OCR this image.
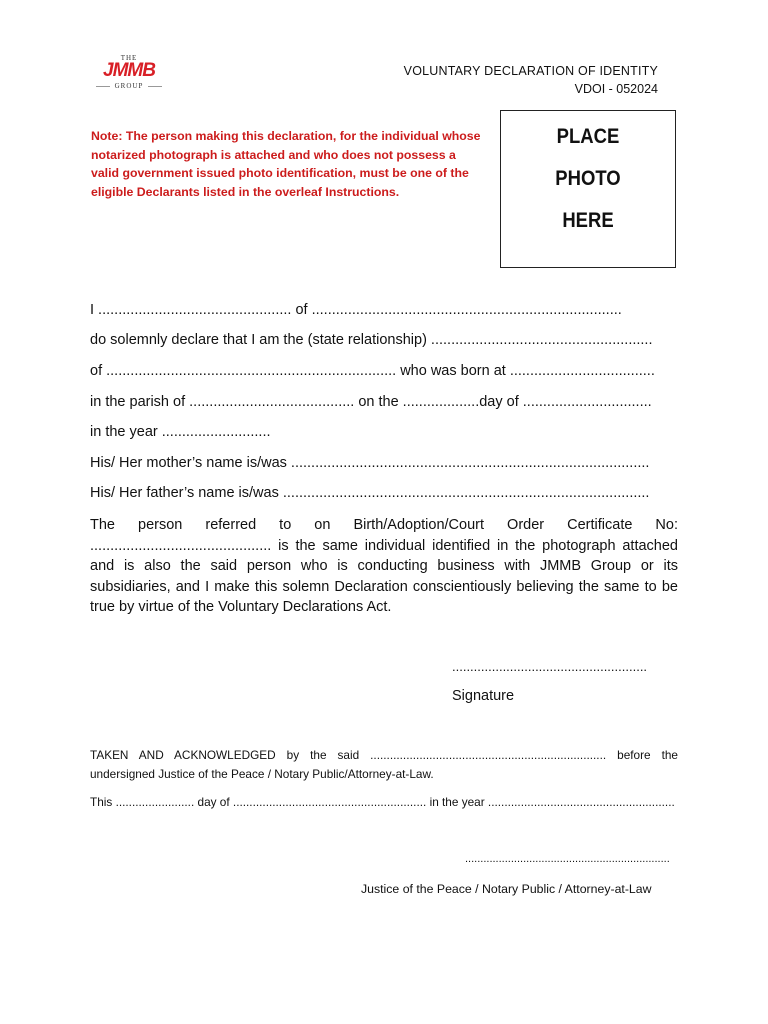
THE
JMMB
GROUP
VOLUNTARY DECLARATION OF IDENTITY
VDOI - 052024
Note: The person making this declaration, for the individual whose notarized photograph is attached and who does not possess a valid government issued photo identification, must be one of the eligible Declarants listed in the overleaf Instructions.
PLACE
PHOTO
HERE
I ................................................ of .............................................................................
do solemnly declare that I am the (state relationship) .......................................................
of ........................................................................ who was born at ....................................
in the parish of ......................................... on the ...................day of ................................
in the year ...........................
His/ Her mother’s name is/was .........................................................................................
His/ Her father’s name is/was ...........................................................................................
The person referred to on Birth/Adoption/Court Order Certificate No: ............................................. is the same individual identified in the photograph attached and is also the said person who is conducting business with JMMB Group or its subsidiaries, and I make this solemn Declaration conscientiously believing the same to be true by virtue of the Voluntary Declarations Act.
......................................................
Signature
TAKEN AND ACKNOWLEDGED by the said ........................................................................ before the undersigned Justice of the Peace / Notary Public/Attorney-at-Law.
This ........................ day of ........................................................... in the year .........................................................
...................................................................
Justice of the Peace / Notary Public / Attorney-at-Law
